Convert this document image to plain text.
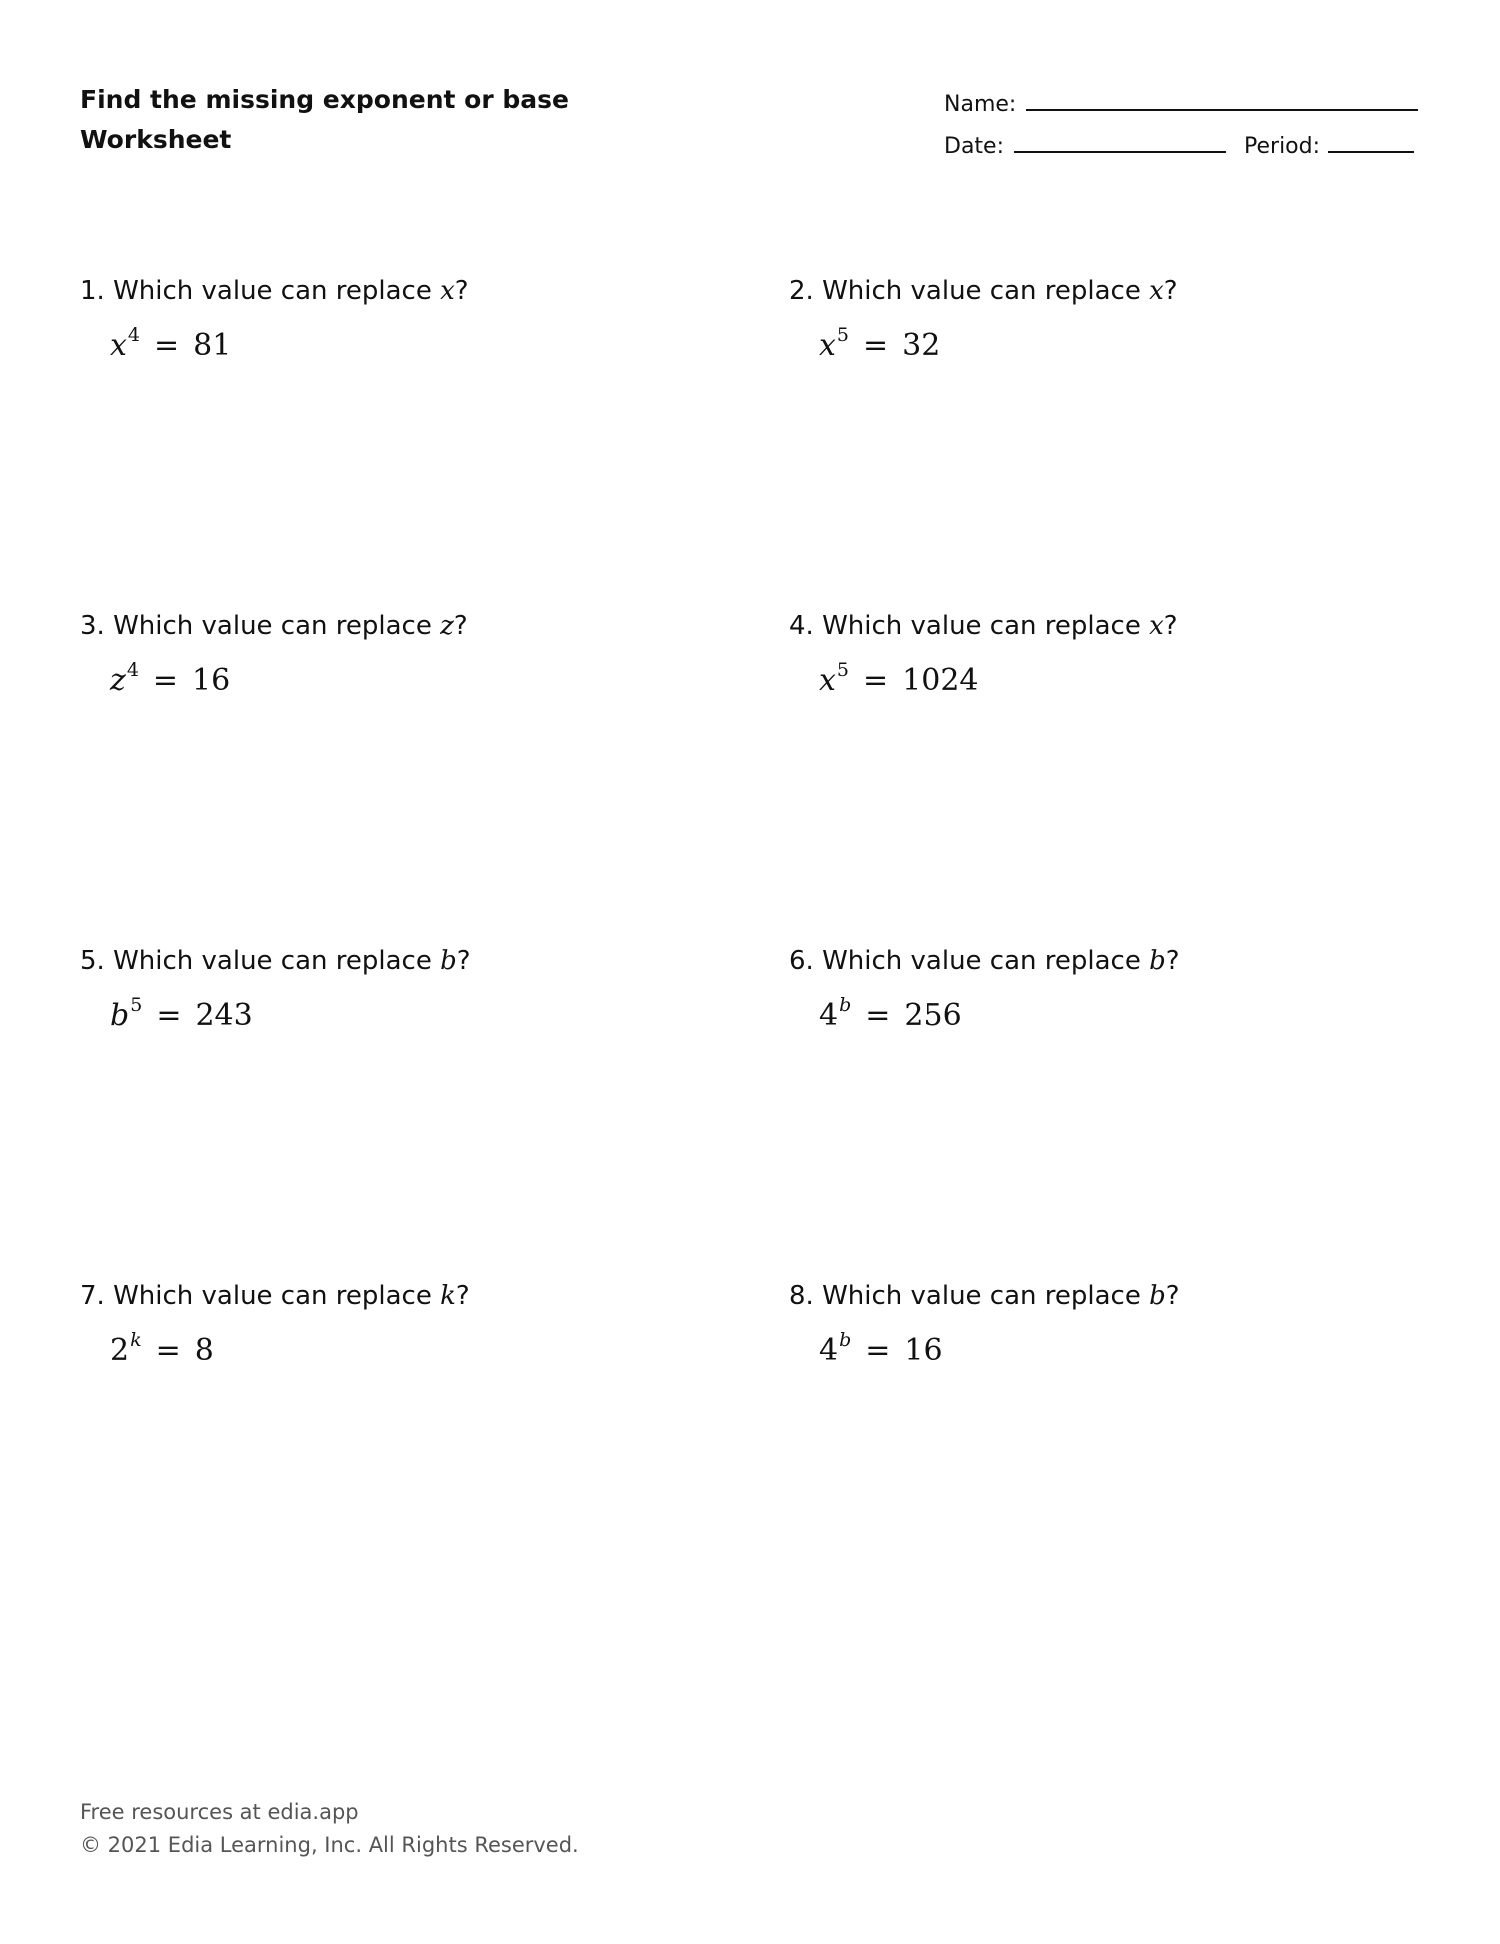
Find the missing exponent or base
Worksheet
Name:
Date:	Period:
1. Which value can replace x?
$x^4 = 81$
2. Which value can replace x?
$x^5 = 32$
3. Which value can replace z?
$z^4 = 16$
4. Which value can replace x?
$x^5 = 1024$
5. Which value can replace b?
$b^5 = 243$
6. Which value can replace b?
$4^b = 256$
7. Which value can replace k?
$2^k = 8$
8. Which value can replace b?
$4^b = 16$
Free resources at edia.app
© 2021 Edia Learning, Inc. All Rights Reserved.
